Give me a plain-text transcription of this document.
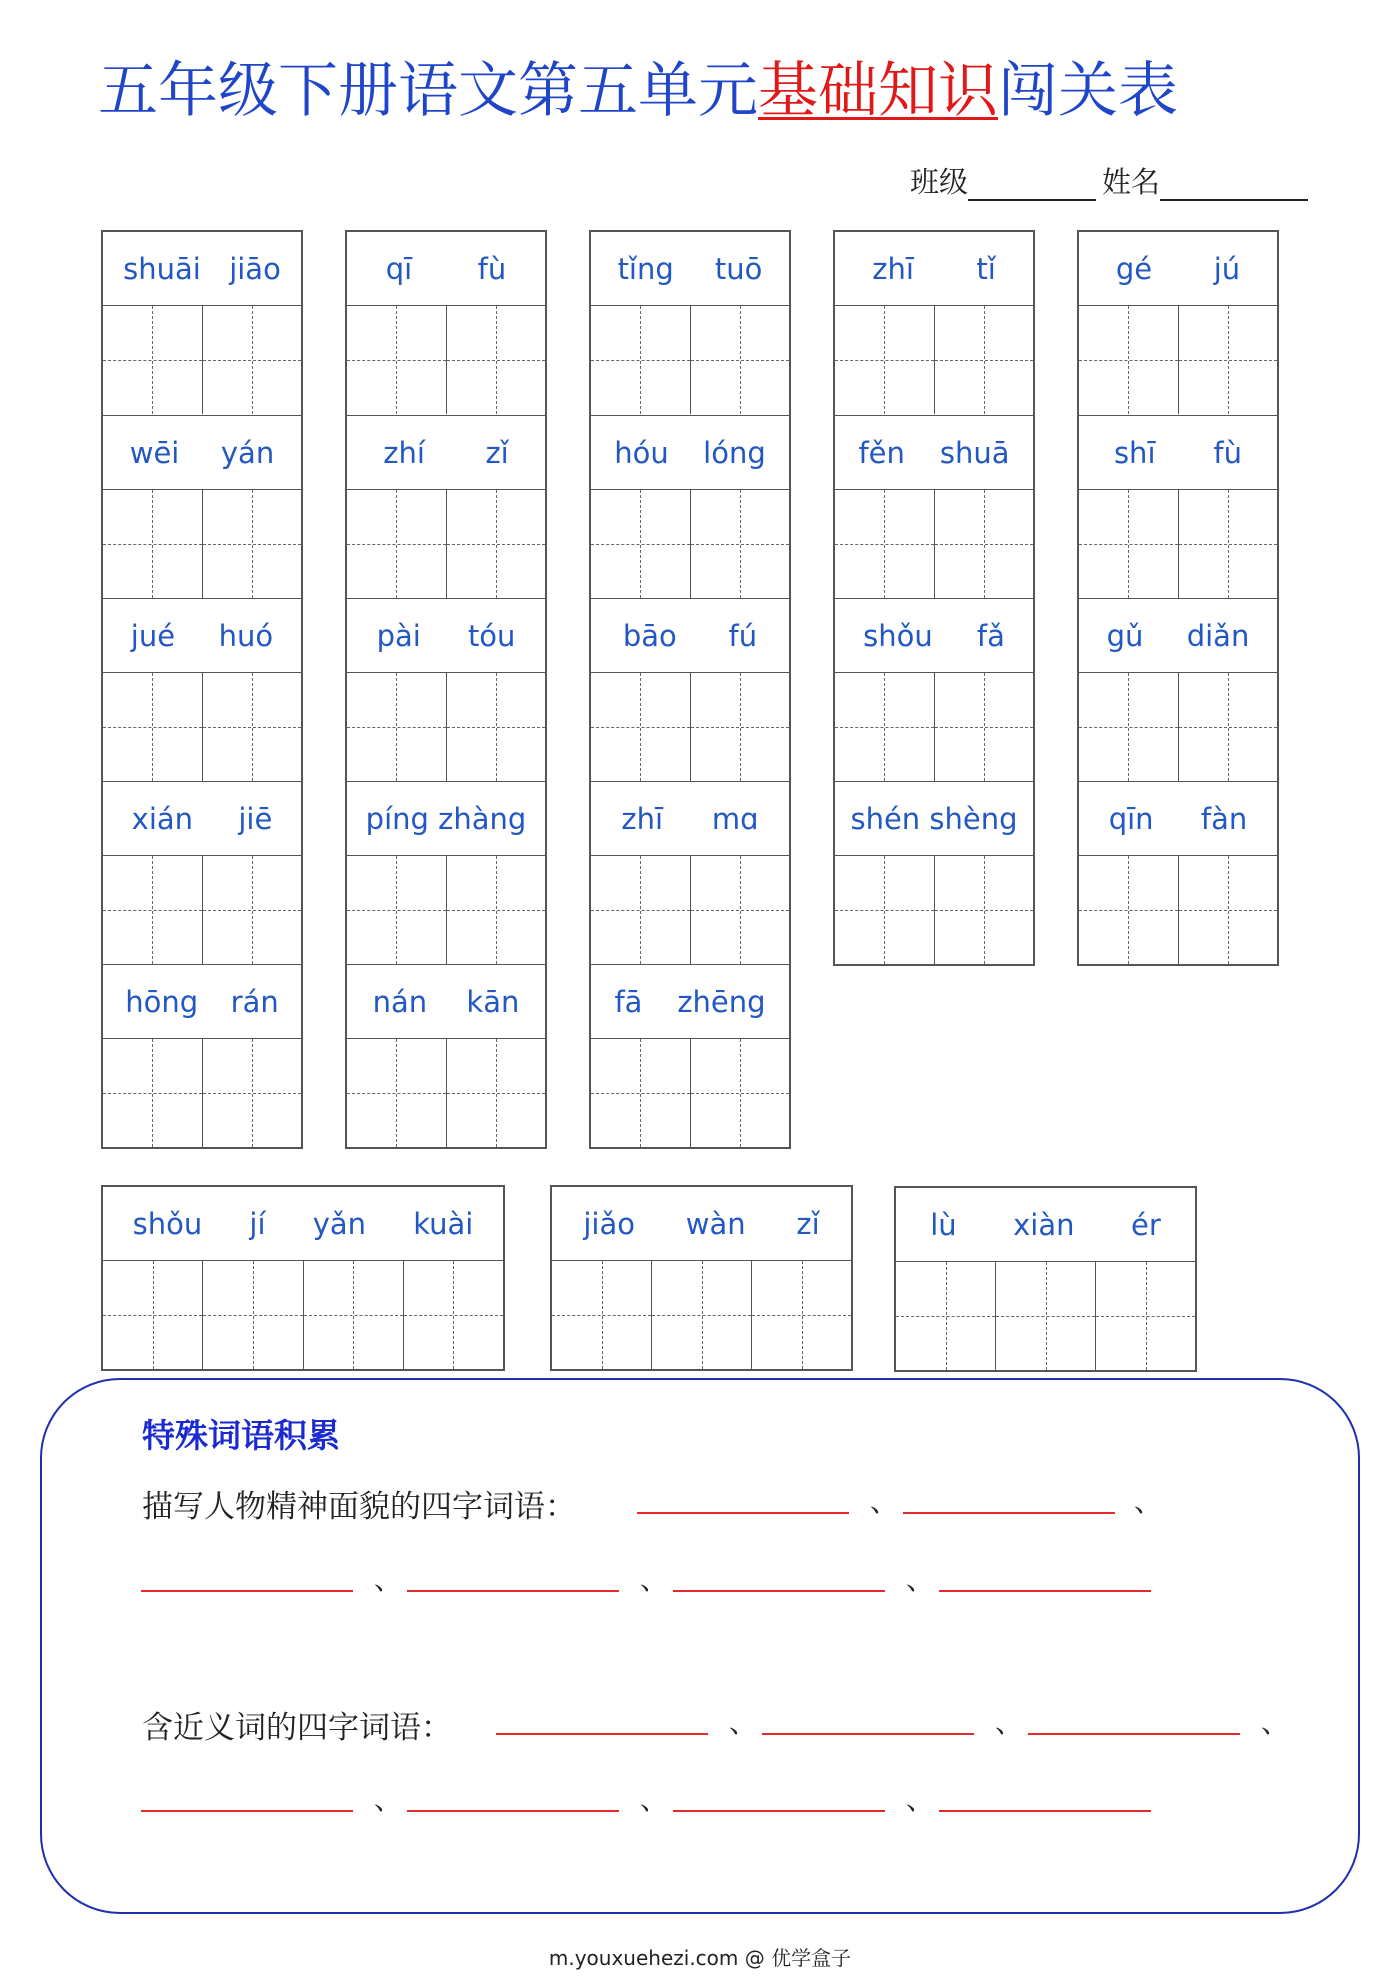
五年级下册语文第五单元基础知识闯关表
班级	姓名
shuāi jiāo
wēi yán
jué huó
xián jiē
hōng rán
qī fù
zhí zǐ
pài tóu
píng zhàng
nán kān
tǐng tuō
hóu lóng
bāo fú
zhī mɑ
fā zhēng
zhī tǐ
fěn shuā
shǒu fǎ
shén shèng
gé jú
shī fù
gǔ diǎn
qīn fàn
shǒu jí yǎn kuài	jiǎo wàn zǐ	lù xiàn ér
特殊词语积累
描写人物精神面貌的四字词语：
含近义词的四字词语：
、	、
、	、	、
、	、	、
、	、	、
m.youxuehezi.com @ 优学盒子
